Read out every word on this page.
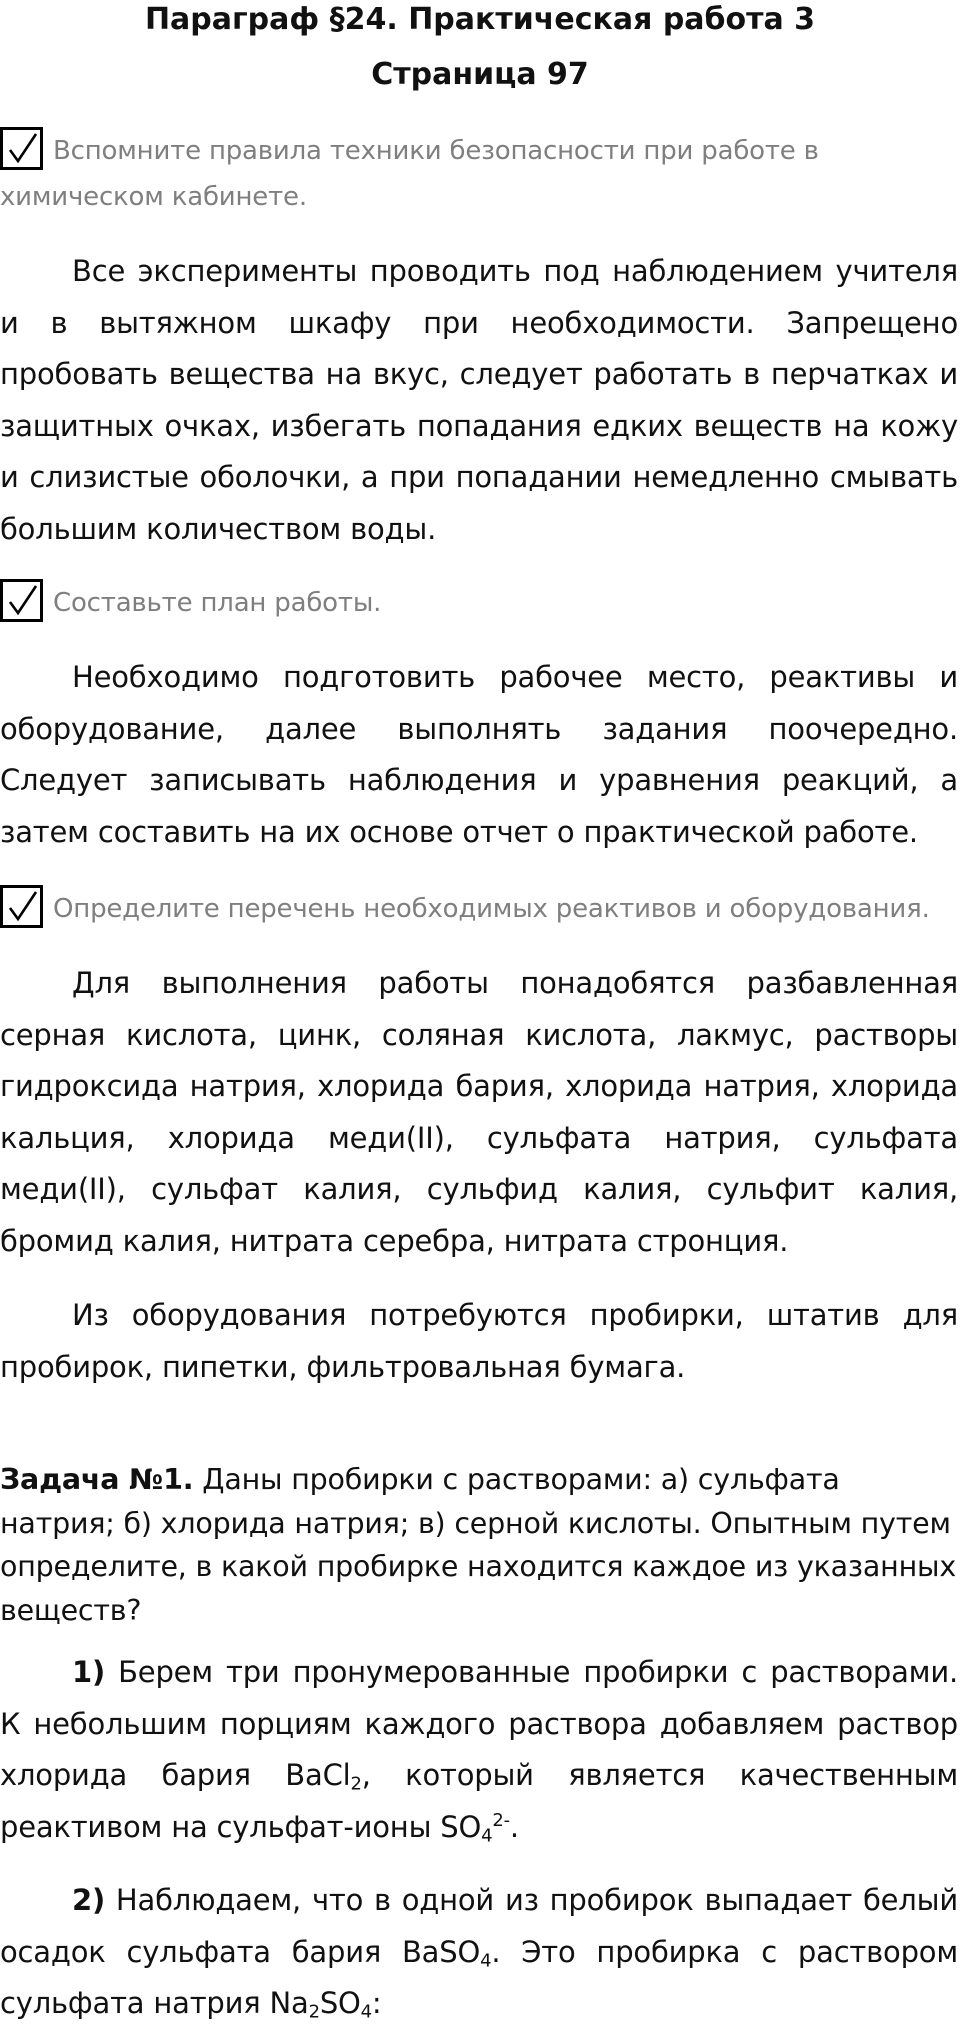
Параграф §24. Практическая работа 3
Страница 97

Вспомните правила техники безопасности при работе в химическом кабинете.

Все эксперименты проводить под наблюдением учителя и в вытяжном шкафу при необходимости. Запрещено пробовать вещества на вкус, следует работать в перчатках и защитных очках, избегать попадания едких веществ на кожу и слизистые оболочки, а при попадании немедленно смывать большим количеством воды.

Составьте план работы.

Необходимо подготовить рабочее место, реактивы и оборудование, далее выполнять задания поочередно. Следует записывать наблюдения и уравнения реакций, а затем составить на их основе отчет о практической работе.

Определите перечень необходимых реактивов и оборудования.

Для выполнения работы понадобятся разбавленная серная кислота, цинк, соляная кислота, лакмус, растворы гидроксида натрия, хлорида бария, хлорида натрия, хлорида кальция, хлорида меди(II), сульфата натрия, сульфата меди(II), сульфат калия, сульфид калия, сульфит калия, бромид калия, нитрата серебра, нитрата стронция.

Из оборудования потребуются пробирки, штатив для пробирок, пипетки, фильтровальная бумага.

Задача №1. Даны пробирки с растворами: а) сульфата натрия; б) хлорида натрия; в) серной кислоты. Опытным путем определите, в какой пробирке находится каждое из указанных веществ?

1) Берем три пронумерованные пробирки с растворами. К небольшим порциям каждого раствора добавляем раствор хлорида бария BaCl$_2$, который является качественным реактивом на сульфат-ионы $SO_4^{2-}$.

2) Наблюдаем, что в одной из пробирок выпадает белый осадок сульфата бария BaSO$_4$. Это пробирка с раствором сульфата натрия $Na_2SO_4$:
